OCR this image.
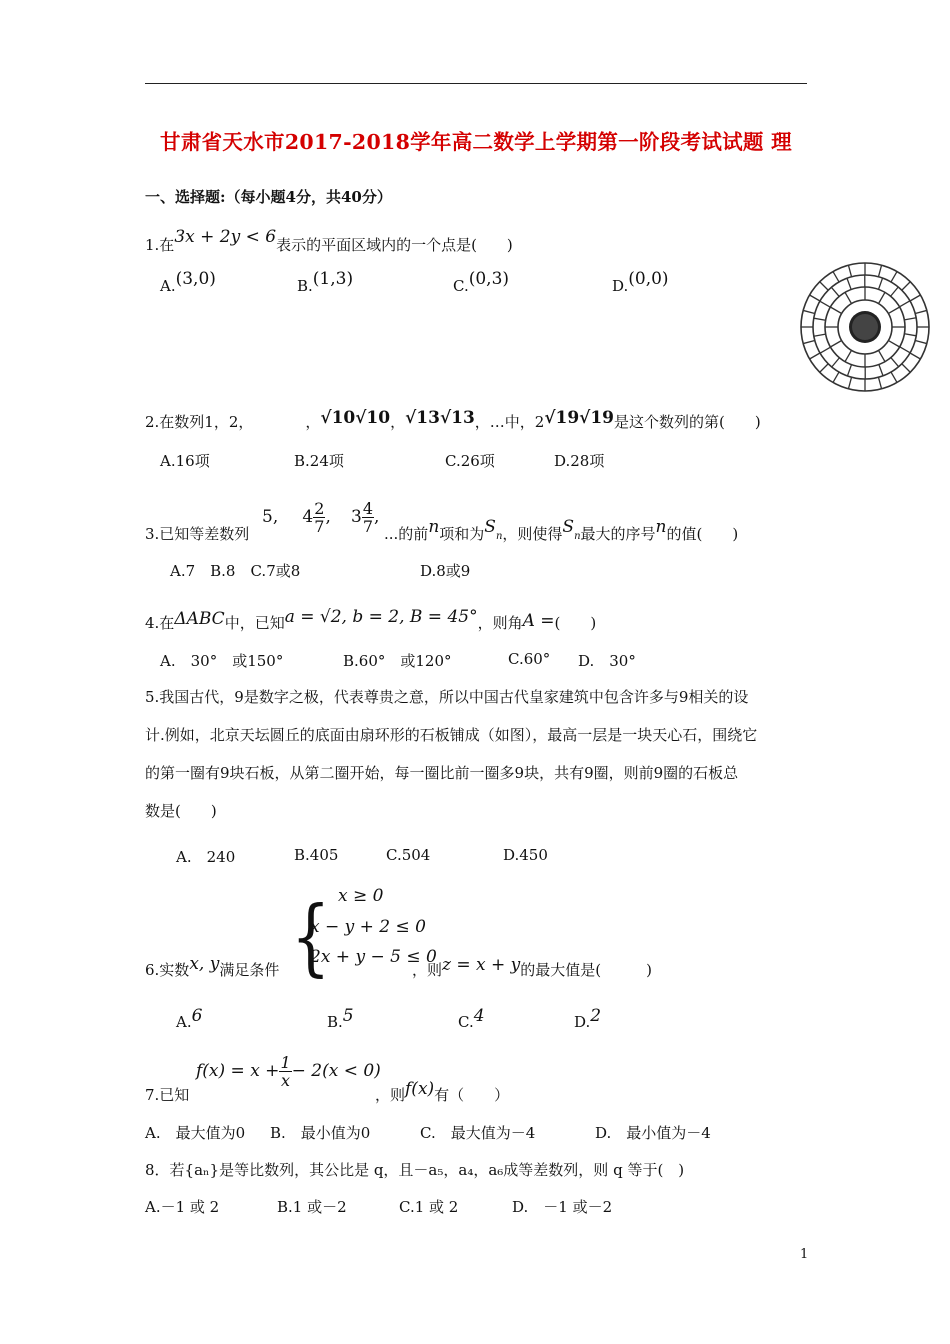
甘肃省天水市2017-2018学年高二数学上学期第一阶段考试试题 理
一、选择题:（每小题4分，共40分）
1.在3x + 2y < 6表示的平面区域内的一个点是(　　)
A.(3,0)	B.(1,3)	C.(0,3)	D.(0,0)
2.在数列1，2，	，√10√10，√13√13，…中，2√19√19是这个数列的第(　　)
A.16项	B.24项	C.26项	D.28项
3.已知等差数列
5, $4 \frac{2}{7}$ , $3 \frac{4}{7}$ ,
...的前n项和为Sn，则使得Sn最大的序号n的值(　　)
A.7　B.8　C.7或8	D.8或9
4.在ΔABC中，已知a = √2, b = 2, B = 45°，则角A =(　　)
A.　30°　或150°	B.60°　或120°	C.60° D.　30°
5.我国古代，9是数字之极，代表尊贵之意，所以中国古代皇家建筑中包含许多与9相关的设
计.例如，北京天坛圆丘的底面由扇环形的石板铺成（如图），最高一层是一块天心石，围绕它
的第一圈有9块石板，从第二圈开始，每一圈比前一圈多9块，共有9圈，则前9圈的石板总
数是(　　)
A.　240	B.405	C.504	D.450
6.实数x, y满足条件 { x ≥ 0
x − y + 2 ≤ 0
2x + y − 5 ≤ 0
，则z = x + y的最大值是(　　　)
A.6	B.5	C.4	D.2
7.已知
$f(x) = x + \frac{1}{x} - 2(x < 0)$
，则f(x)有（　　）
A.　最大值为0 B.　最小值为0	C.　最大值为－4	D.　最小值为－4
8．若{aₙ}是等比数列，其公比是 q，且－a₅，a₄，a₆成等差数列，则 q 等于(　)
A.－1 或 2	B.1 或－2	C.1 或 2	D.　－1 或－2
1
